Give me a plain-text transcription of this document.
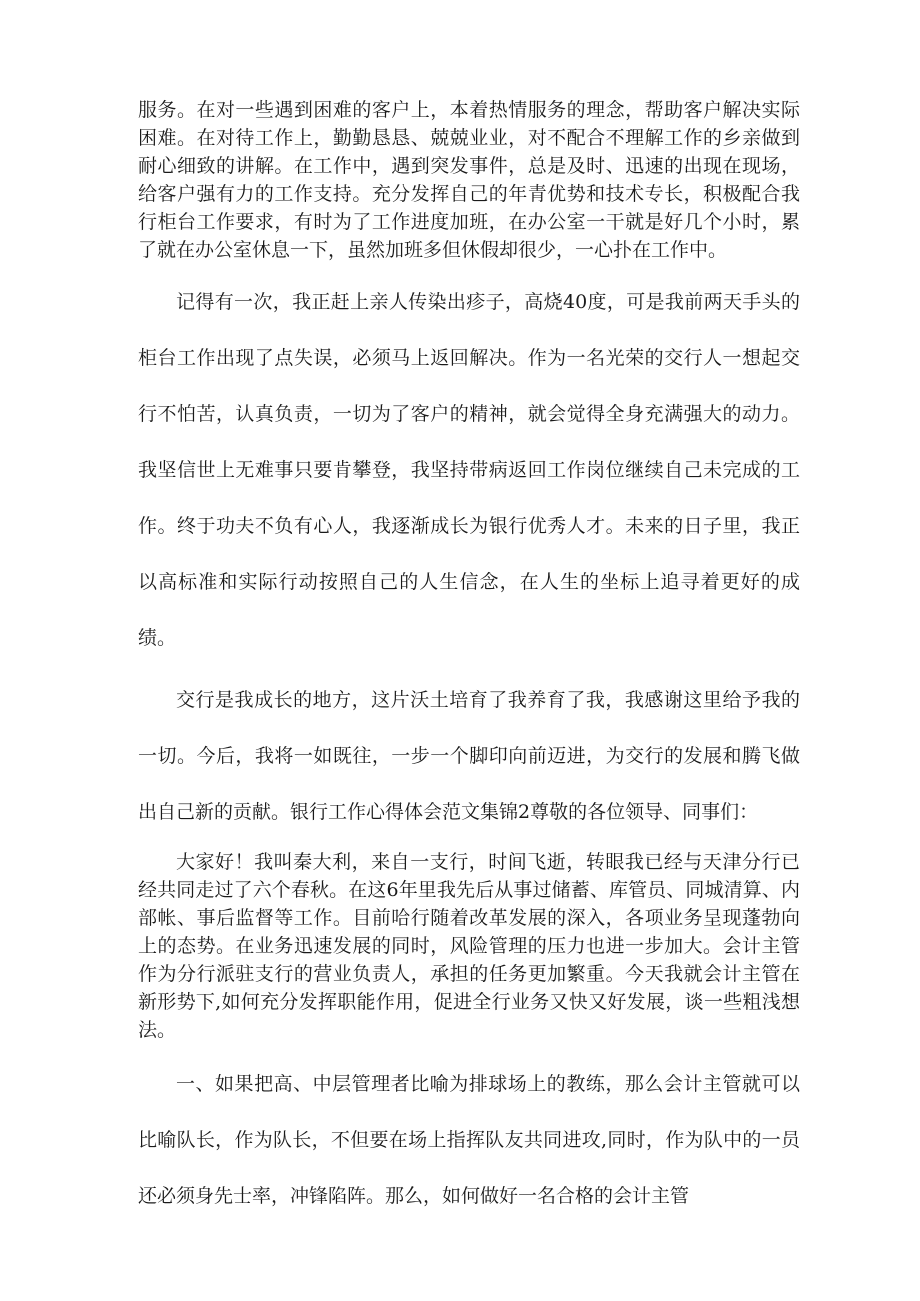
服务。在对一些遇到困难的客户上，本着热情服务的理念，帮助客户解决实际困难。在对待工作上，勤勤恳恳、兢兢业业，对不配合不理解工作的乡亲做到耐心细致的讲解。在工作中，遇到突发事件，总是及时、迅速的出现在现场，给客户强有力的工作支持。充分发挥自己的年青优势和技术专长，积极配合我行柜台工作要求，有时为了工作进度加班，在办公室一干就是好几个小时，累了就在办公室休息一下，虽然加班多但休假却很少，一心扑在工作中。

记得有一次，我正赶上亲人传染出疹子，高烧40度，可是我前两天手头的柜台工作出现了点失误，必须马上返回解决。作为一名光荣的交行人一想起交行不怕苦，认真负责，一切为了客户的精神，就会觉得全身充满强大的动力。我坚信世上无难事只要肯攀登，我坚持带病返回工作岗位继续自己未完成的工作。终于功夫不负有心人，我逐渐成长为银行优秀人才。未来的日子里，我正以高标准和实际行动按照自己的人生信念，在人生的坐标上追寻着更好的成绩。

交行是我成长的地方，这片沃土培育了我养育了我，我感谢这里给予我的一切。今后，我将一如既往，一步一个脚印向前迈进，为交行的发展和腾飞做出自己新的贡献。银行工作心得体会范文集锦2尊敬的各位领导、同事们：

大家好！我叫秦大利，来自一支行，时间飞逝，转眼我已经与天津分行已经共同走过了六个春秋。在这6年里我先后从事过储蓄、库管员、同城清算、内部帐、事后监督等工作。目前哈行随着改革发展的深入，各项业务呈现蓬勃向上的态势。在业务迅速发展的同时，风险管理的压力也进一步加大。会计主管作为分行派驻支行的营业负责人，承担的任务更加繁重。今天我就会计主管在新形势下,如何充分发挥职能作用，促进全行业务又快又好发展，谈一些粗浅想法。

一、如果把高、中层管理者比喻为排球场上的教练，那么会计主管就可以比喻队长，作为队长，不但要在场上指挥队友共同进攻,同时，作为队中的一员还必须身先士率，冲锋陷阵。那么，如何做好一名合格的会计主管
